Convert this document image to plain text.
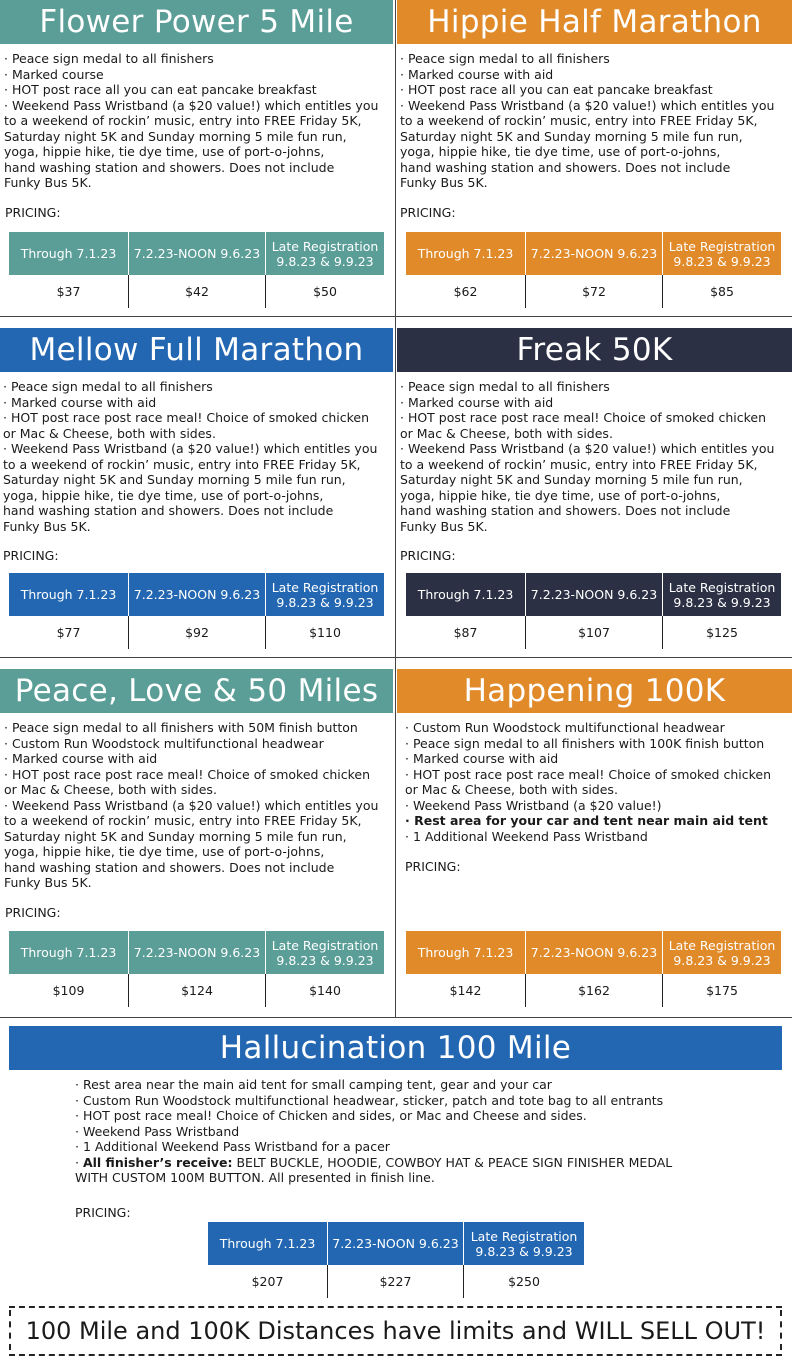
Flower Power 5 Mile
· Peace sign medal to all finishers
· Marked course
· HOT post race all you can eat pancake breakfast
· Weekend Pass Wristband (a $20 value!) which entitles you
to a weekend of rockin’ music, entry into FREE Friday 5K,
Saturday night 5K and Sunday morning 5 mile fun run,
yoga, hippie hike, tie dye time, use of port-o-johns,
hand washing station and showers. Does not include
Funky Bus 5K.
PRICING:
Through 7.1.23	7.2.23-NOON 9.6.23	Late Registration
9.8.23 & 9.9.23
$37	$42	$50
Hippie Half Marathon
· Peace sign medal to all finishers
· Marked course with aid
· HOT post race all you can eat pancake breakfast
· Weekend Pass Wristband (a $20 value!) which entitles you
to a weekend of rockin’ music, entry into FREE Friday 5K,
Saturday night 5K and Sunday morning 5 mile fun run,
yoga, hippie hike, tie dye time, use of port-o-johns,
hand washing station and showers. Does not include
Funky Bus 5K.
PRICING:
Through 7.1.23	7.2.23-NOON 9.6.23	Late Registration
9.8.23 & 9.9.23
$62	$72	$85
Mellow Full Marathon
· Peace sign medal to all finishers
· Marked course with aid
· HOT post race post race meal! Choice of smoked chicken
or Mac & Cheese, both with sides.
· Weekend Pass Wristband (a $20 value!) which entitles you
to a weekend of rockin’ music, entry into FREE Friday 5K,
Saturday night 5K and Sunday morning 5 mile fun run,
yoga, hippie hike, tie dye time, use of port-o-johns,
hand washing station and showers. Does not include
Funky Bus 5K.
PRICING:
Through 7.1.23	7.2.23-NOON 9.6.23	Late Registration
9.8.23 & 9.9.23
$77	$92	$110
Freak 50K
· Peace sign medal to all finishers
· Marked course with aid
· HOT post race post race meal! Choice of smoked chicken
or Mac & Cheese, both with sides.
· Weekend Pass Wristband (a $20 value!) which entitles you
to a weekend of rockin’ music, entry into FREE Friday 5K,
Saturday night 5K and Sunday morning 5 mile fun run,
yoga, hippie hike, tie dye time, use of port-o-johns,
hand washing station and showers. Does not include
Funky Bus 5K.
PRICING:
Through 7.1.23	7.2.23-NOON 9.6.23	Late Registration
9.8.23 & 9.9.23
$87	$107	$125
Peace, Love & 50 Miles
· Peace sign medal to all finishers with 50M finish button
· Custom Run Woodstock multifunctional headwear
· Marked course with aid
· HOT post race post race meal! Choice of smoked chicken
or Mac & Cheese, both with sides.
· Weekend Pass Wristband (a $20 value!) which entitles you
to a weekend of rockin’ music, entry into FREE Friday 5K,
Saturday night 5K and Sunday morning 5 mile fun run,
yoga, hippie hike, tie dye time, use of port-o-johns,
hand washing station and showers. Does not include
Funky Bus 5K.
PRICING:
Through 7.1.23	7.2.23-NOON 9.6.23	Late Registration
9.8.23 & 9.9.23
$109	$124	$140
Happening 100K
· Custom Run Woodstock multifunctional headwear
· Peace sign medal to all finishers with 100K finish button
· Marked course with aid
· HOT post race post race meal! Choice of smoked chicken
or Mac & Cheese, both with sides.
· Weekend Pass Wristband (a $20 value!)
· Rest area for your car and tent near main aid tent
· 1 Additional Weekend Pass Wristband
PRICING:
Through 7.1.23	7.2.23-NOON 9.6.23	Late Registration
9.8.23 & 9.9.23
$142	$162	$175
Hallucination 100 Mile
· Rest area near the main aid tent for small camping tent, gear and your car
· Custom Run Woodstock multifunctional headwear, sticker, patch and tote bag to all entrants
· HOT post race meal! Choice of Chicken and sides, or Mac and Cheese and sides.
· Weekend Pass Wristband
· 1 Additional Weekend Pass Wristband for a pacer
· All finisher’s receive: BELT BUCKLE, HOODIE, COWBOY HAT & PEACE SIGN FINISHER MEDAL
WITH CUSTOM 100M BUTTON. All presented in finish line.
PRICING:
Through 7.1.23	7.2.23-NOON 9.6.23	Late Registration
9.8.23 & 9.9.23
$207	$227	$250
100 Mile and 100K Distances have limits and WILL SELL OUT!
